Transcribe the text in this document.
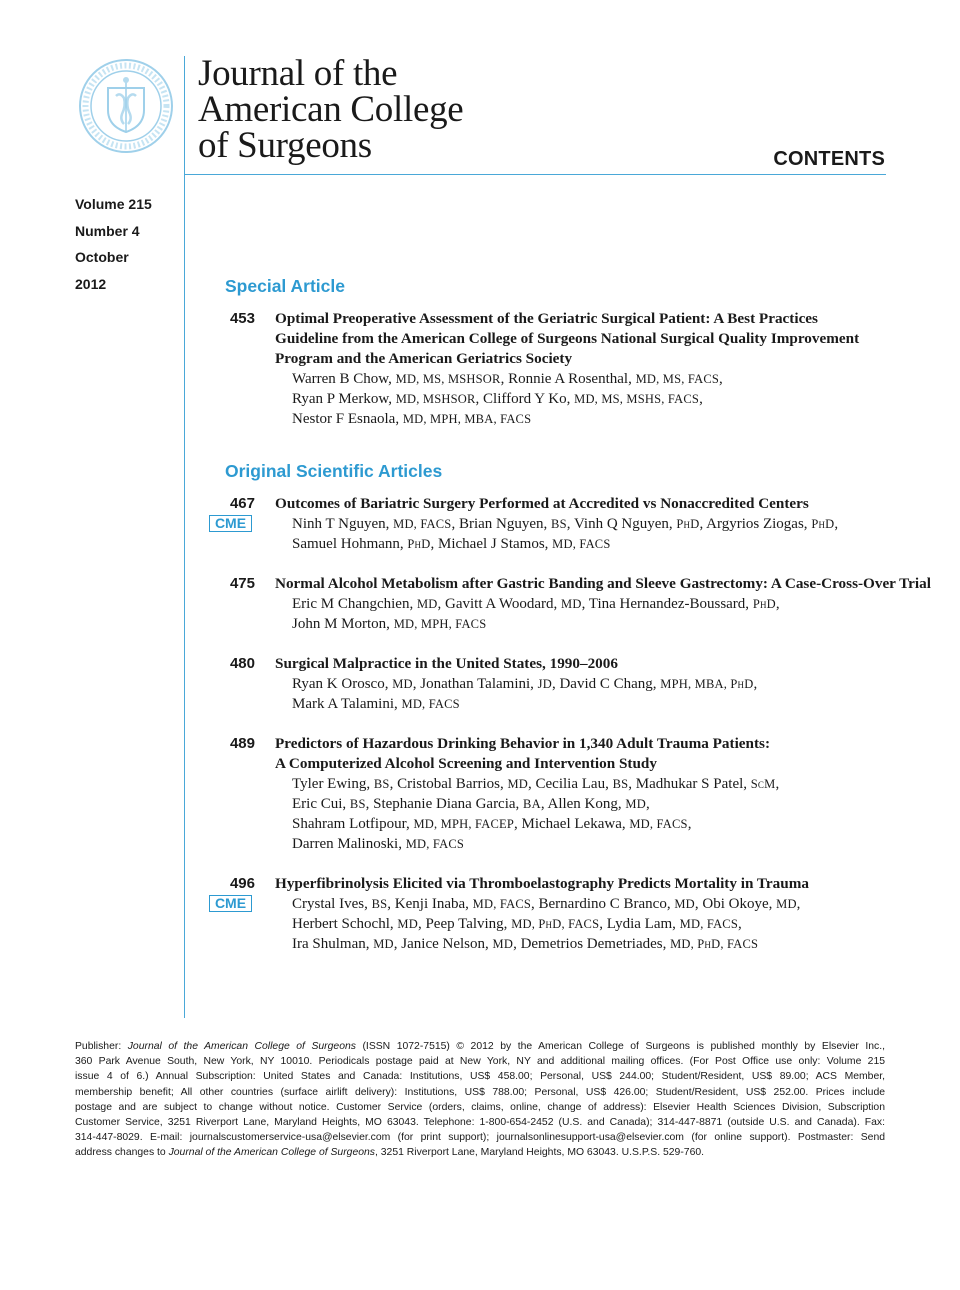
Journal of the
American College
of Surgeons	CONTENTS
Volume 215
Number 4
October
2012	Special Article
453 Optimal Preoperative Assessment of the Geriatric Surgical Patient: A Best Practices
Guideline from the American College of Surgeons National Surgical Quality Improvement
Program and the American Geriatrics Society
Warren B Chow, MD, MS, MSHSOR, Ronnie A Rosenthal, MD, MS, FACS,
Ryan P Merkow, MD, MSHSOR, Clifford Y Ko, MD, MS, MSHS, FACS,
Nestor F Esnaola, MD, MPH, MBA, FACS
Original Scientific Articles
467
CME
Outcomes of Bariatric Surgery Performed at Accredited vs Nonaccredited Centers
Ninh T Nguyen, MD, FACS, Brian Nguyen, BS, Vinh Q Nguyen, PhD, Argyrios Ziogas, PhD,
Samuel Hohmann, PhD, Michael J Stamos, MD, FACS
475 Normal Alcohol Metabolism after Gastric Banding and Sleeve Gastrectomy: A Case-Cross-Over Trial
Eric M Changchien, MD, Gavitt A Woodard, MD, Tina Hernandez-Boussard, PhD,
John M Morton, MD, MPH, FACS
480 Surgical Malpractice in the United States, 1990–2006
Ryan K Orosco, MD, Jonathan Talamini, JD, David C Chang, MPH, MBA, PhD,
Mark A Talamini, MD, FACS
489 Predictors of Hazardous Drinking Behavior in 1,340 Adult Trauma Patients:
A Computerized Alcohol Screening and Intervention Study
Tyler Ewing, BS, Cristobal Barrios, MD, Cecilia Lau, BS, Madhukar S Patel, ScM,
Eric Cui, BS, Stephanie Diana Garcia, BA, Allen Kong, MD,
Shahram Lotfipour, MD, MPH, FACEP, Michael Lekawa, MD, FACS,
Darren Malinoski, MD, FACS
496
CME
Hyperfibrinolysis Elicited via Thromboelastography Predicts Mortality in Trauma
Crystal Ives, BS, Kenji Inaba, MD, FACS, Bernardino C Branco, MD, Obi Okoye, MD,
Herbert Schochl, MD, Peep Talving, MD, PhD, FACS, Lydia Lam, MD, FACS,
Ira Shulman, MD, Janice Nelson, MD, Demetrios Demetriades, MD, PhD, FACS
Publisher: Journal of the American College of Surgeons (ISSN 1072-7515) © 2012 by the American College of Surgeons is published monthly by Elsevier Inc.,
360 Park Avenue South, New York, NY 10010. Periodicals postage paid at New York, NY and additional mailing offices. (For Post Office use only: Volume 215
issue 4 of 6.) Annual Subscription: United States and Canada: Institutions, US$ 458.00; Personal, US$ 244.00; Student/Resident, US$ 89.00; ACS Member,
membership benefit; All other countries (surface airlift delivery): Institutions, US$ 788.00; Personal, US$ 426.00; Student/Resident, US$ 252.00. Prices include
postage and are subject to change without notice. Customer Service (orders, claims, online, change of address): Elsevier Health Sciences Division, Subscription
Customer Service, 3251 Riverport Lane, Maryland Heights, MO 63043. Telephone: 1-800-654-2452 (U.S. and Canada); 314-447-8871 (outside U.S. and Canada). Fax:
314-447-8029. E-mail: journalscustomerservice-usa@elsevier.com (for print support); journalsonlinesupport-usa@elsevier.com (for online support). Postmaster: Send
address changes to Journal of the American College of Surgeons, 3251 Riverport Lane, Maryland Heights, MO 63043. U.S.P.S. 529-760.
